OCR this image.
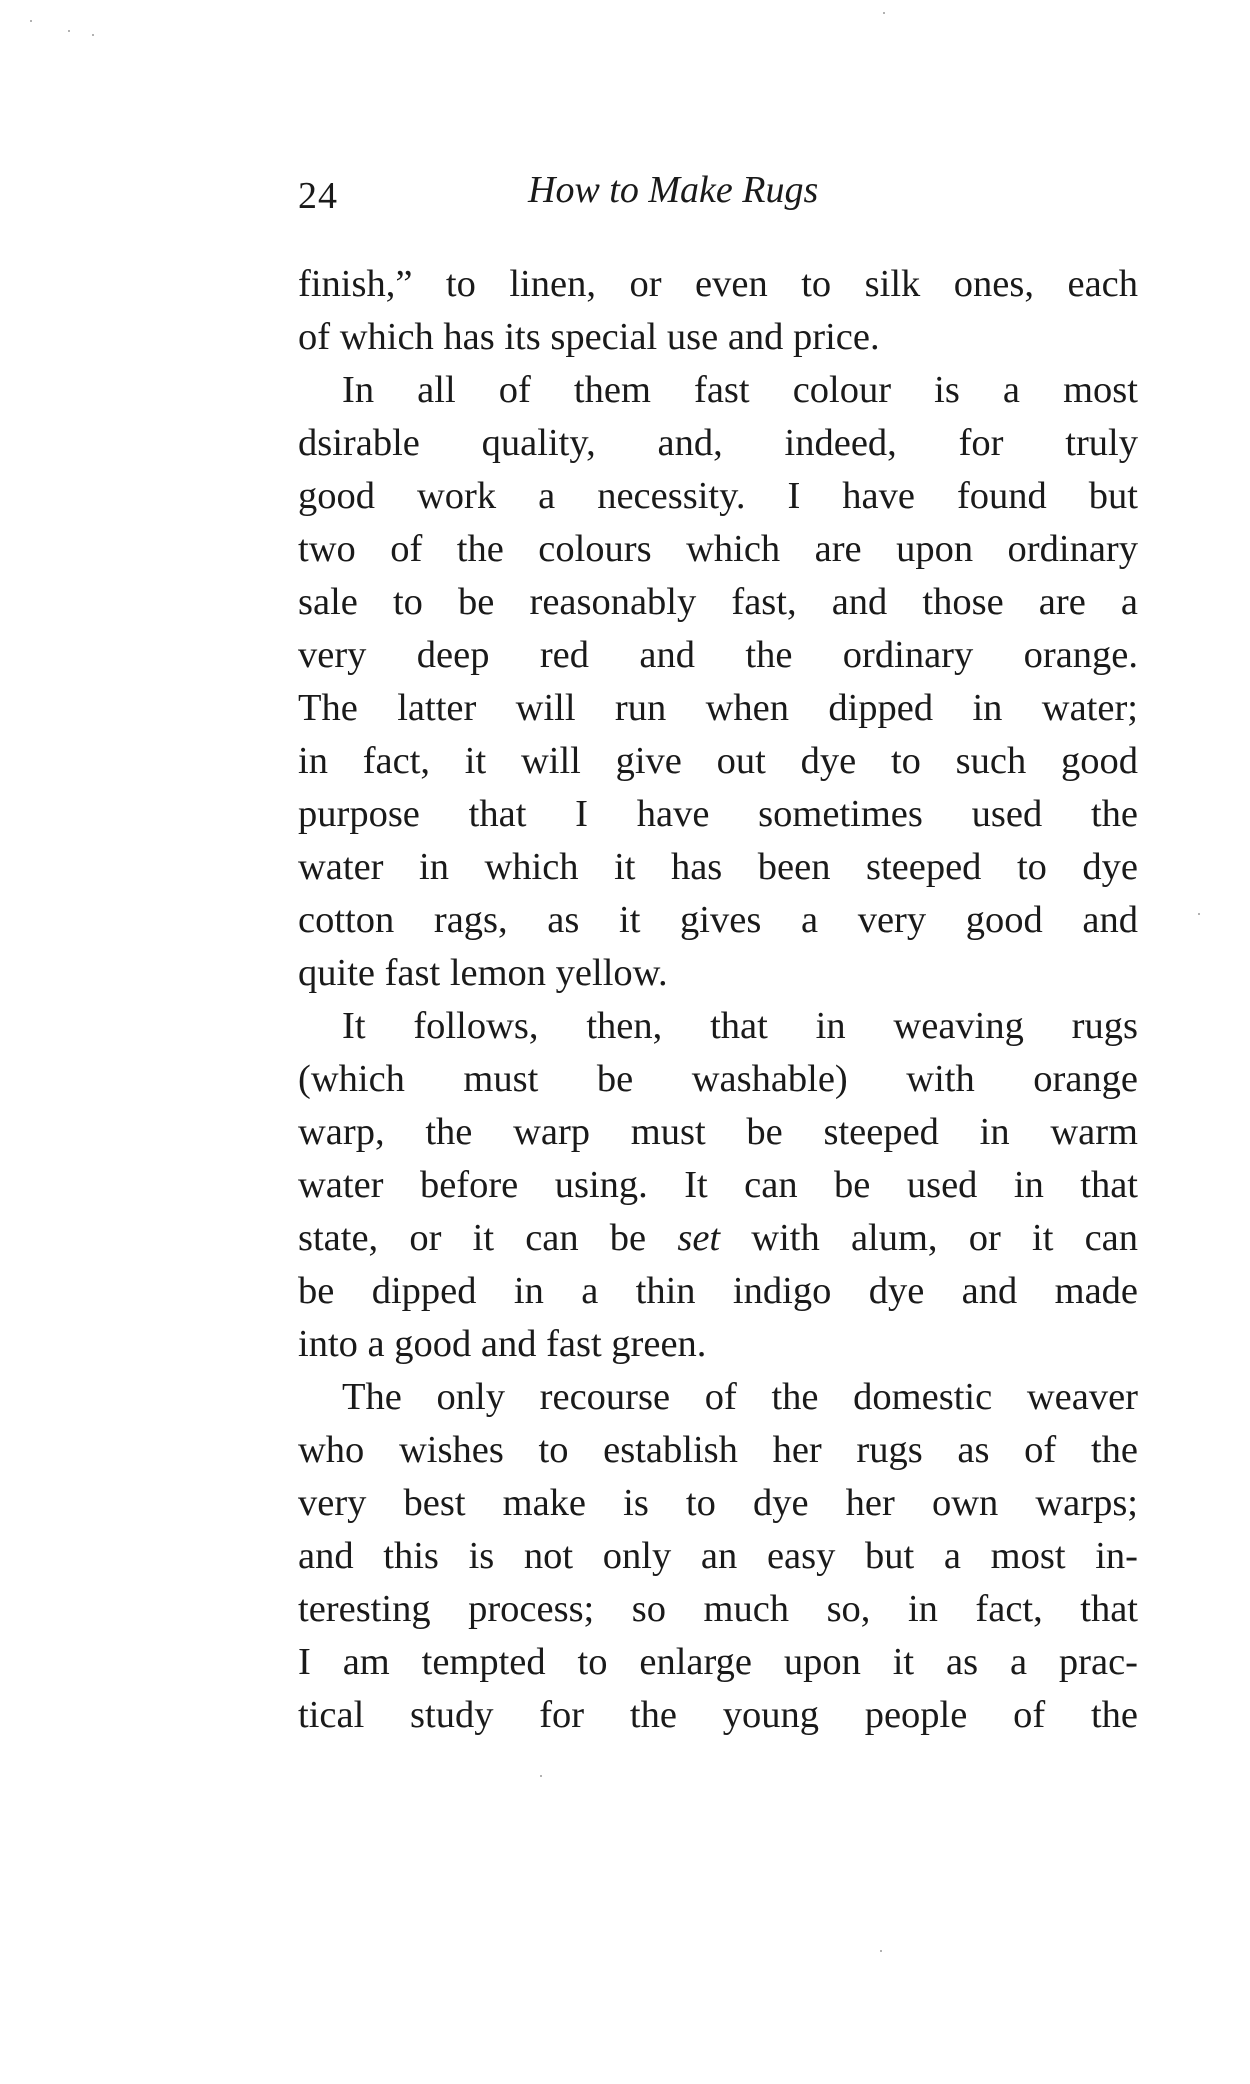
24	How to Make Rugs
finish,” to linen, or even to silk ones, each
of which has its special use and price.
In all of them fast colour is a most
dsirable quality, and, indeed, for truly
good work a necessity. I have found but
two of the colours which are upon ordinary
sale to be reasonably fast, and those are a
very deep red and the ordinary orange.
The latter will run when dipped in water;
in fact, it will give out dye to such good
purpose that I have sometimes used the
water in which it has been steeped to dye
cotton rags, as it gives a very good and
quite fast lemon yellow.
It follows, then, that in weaving rugs
(which must be washable) with orange
warp, the warp must be steeped in warm
water before using. It can be used in that
state, or it can be set with alum, or it can
be dipped in a thin indigo dye and made
into a good and fast green.
The only recourse of the domestic weaver
who wishes to establish her rugs as of the
very best make is to dye her own warps;
and this is not only an easy but a most in-
teresting process; so much so, in fact, that
I am tempted to enlarge upon it as a prac-
tical study for the young people of the
